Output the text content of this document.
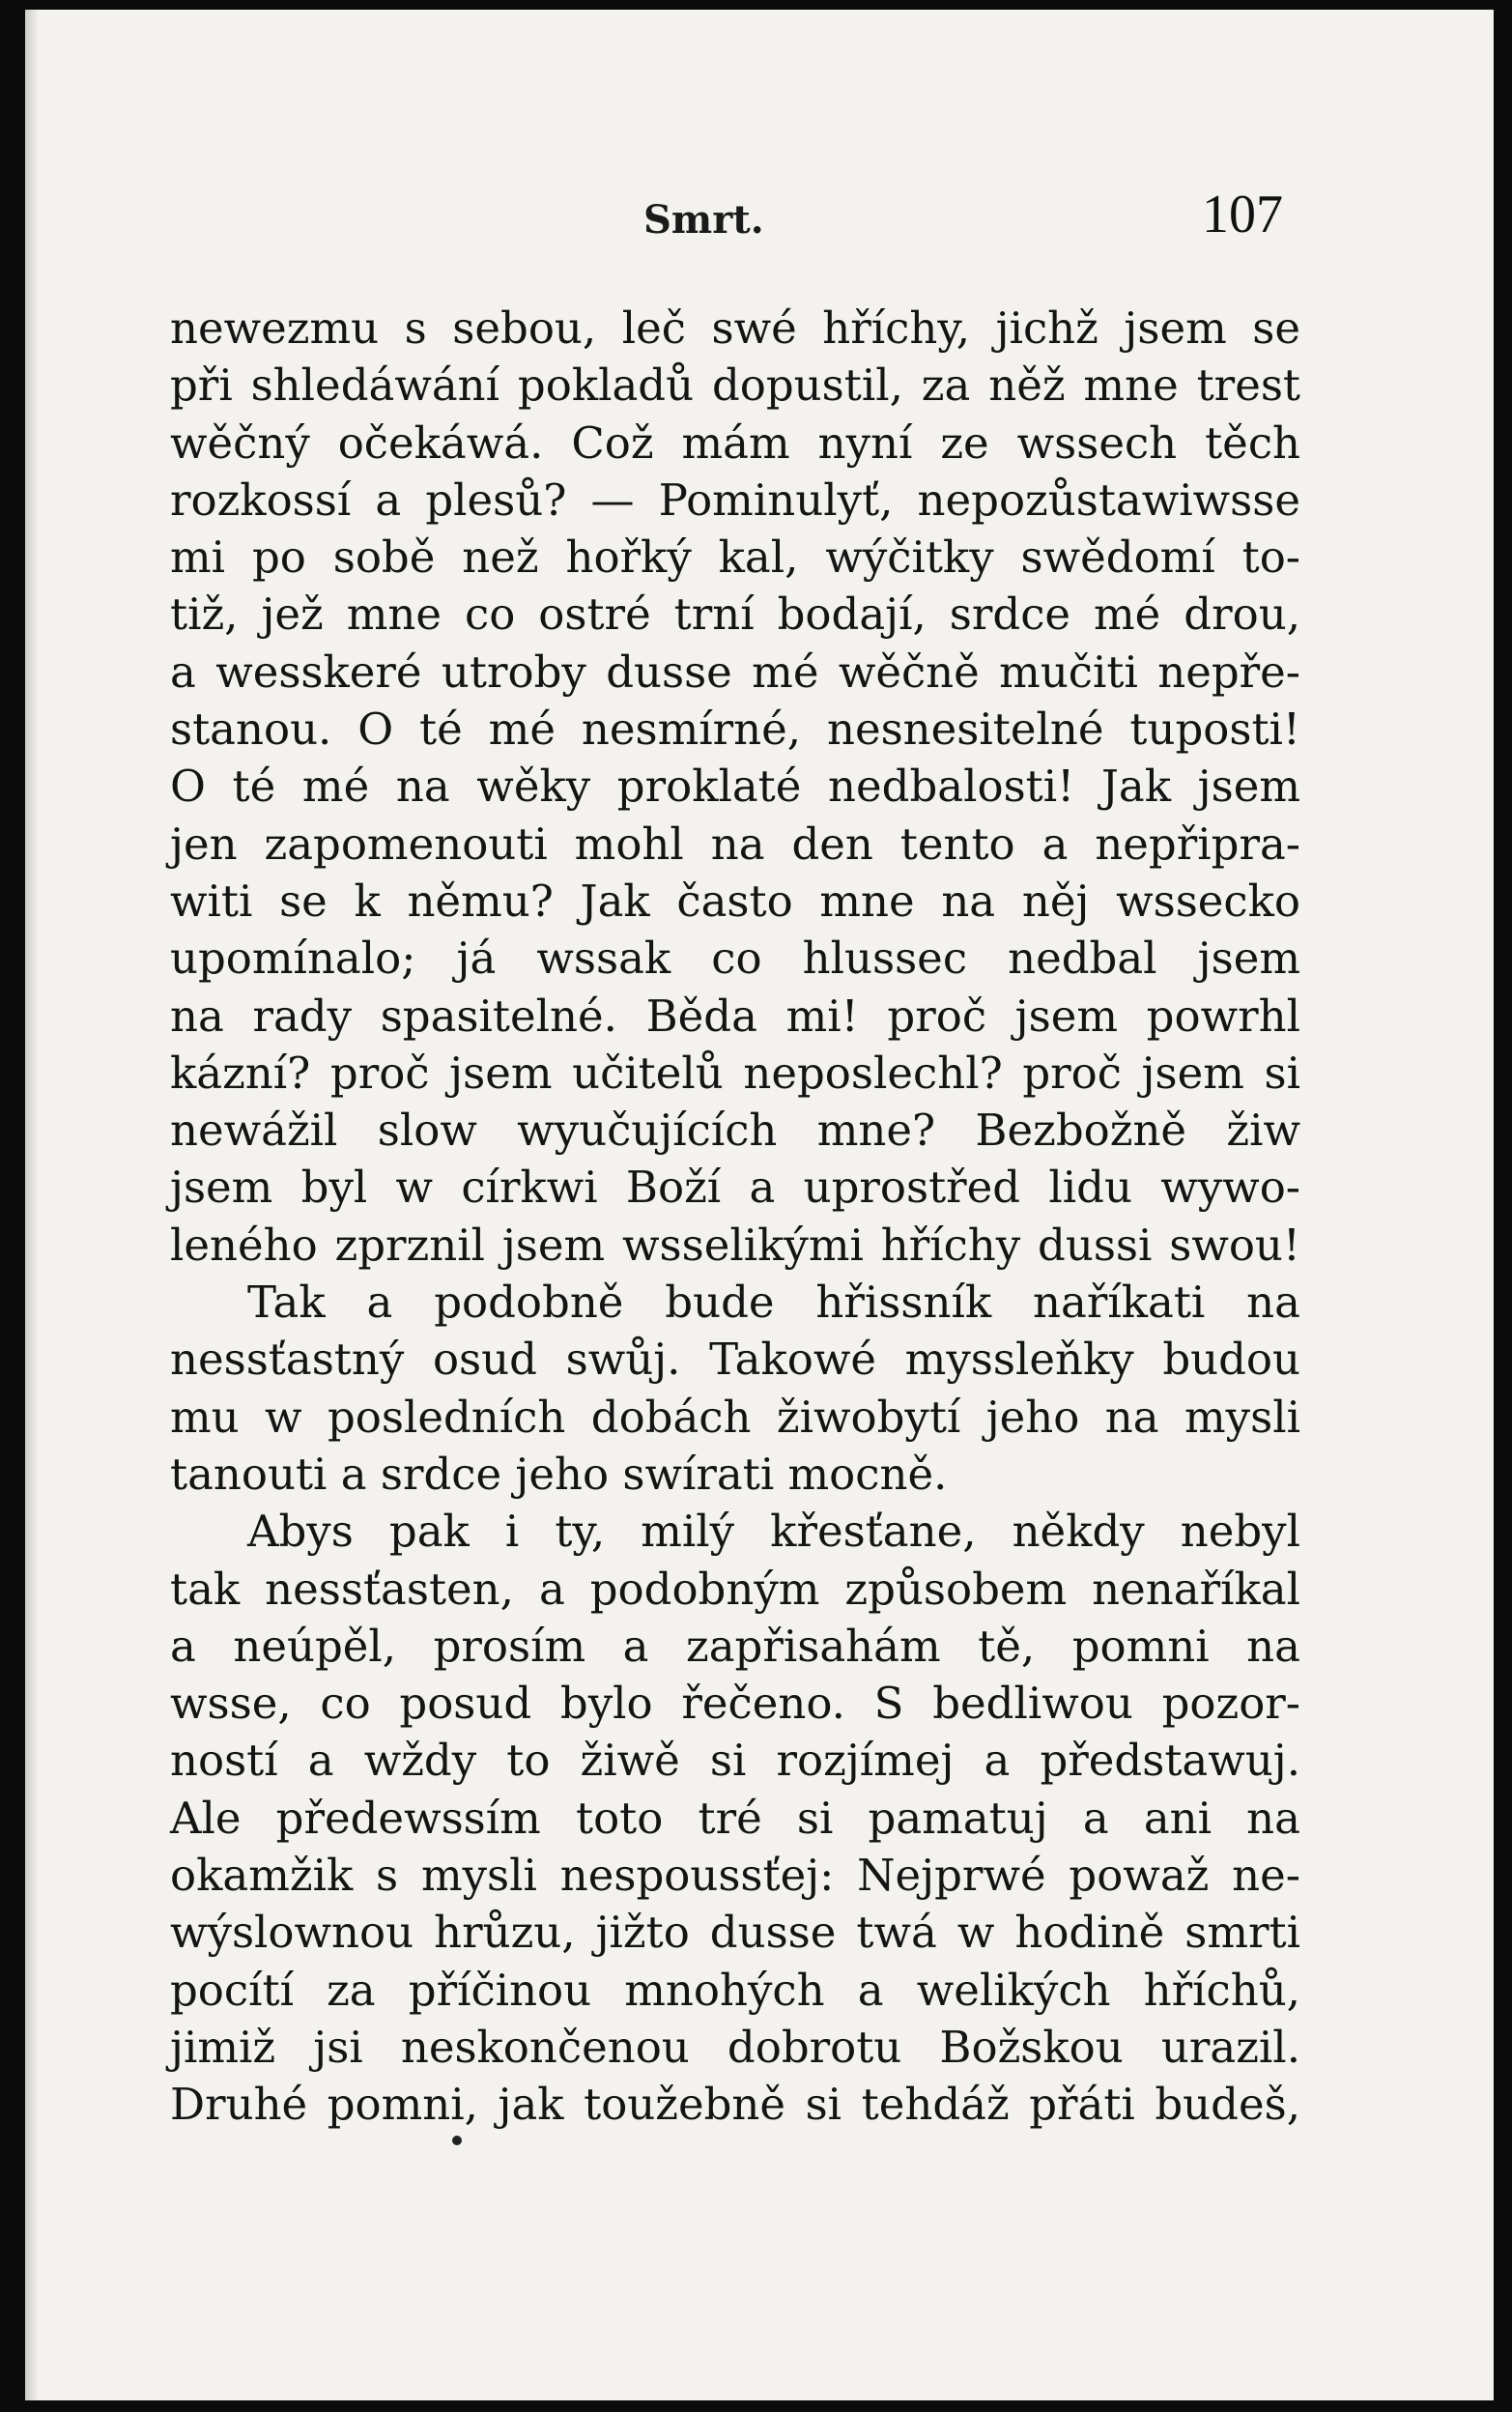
Smrt.	107
newezmu s sebou, leč swé hříchy, jichž jsem se
při shledáwání pokladů dopustil, za něž mne trest
wěčný očekáwá. Což mám nyní ze wssech těch
rozkossí a plesů? — Pominulyť, nepozůstawiwsse
mi po sobě než hořký kal, wýčitky swědomí to-
tiž, jež mne co ostré trní bodají, srdce mé drou,
a wesskeré utroby dusse mé wěčně mučiti nepře-
stanou. O té mé nesmírné, nesnesitelné tuposti!
O té mé na wěky proklaté nedbalosti! Jak jsem
jen zapomenouti mohl na den tento a nepřipra-
witi se k němu? Jak často mne na něj wssecko
upomínalo; já wssak co hlussec nedbal jsem
na rady spasitelné. Běda mi! proč jsem powrhl
kázní? proč jsem učitelů neposlechl? proč jsem si
newážil slow wyučujících mne? Bezbožně žiw
jsem byl w církwi Boží a uprostřed lidu wywo-
leného zprznil jsem wsselikými hříchy dussi swou!
Tak a podobně bude hřissník naříkati na
nessťastný osud swůj. Takowé myssleňky budou
mu w posledních dobách žiwobytí jeho na mysli
tanouti a srdce jeho swírati mocně.
Abys pak i ty, milý křesťane, někdy nebyl
tak nessťasten, a podobným způsobem nenaříkal
a neúpěl, prosím a zapřisahám tě, pomni na
wsse, co posud bylo řečeno. S bedliwou pozor-
ností a wždy to žiwě si rozjímej a předstawuj.
Ale předewssím toto tré si pamatuj a ani na
okamžik s mysli nespoussťej: Nejprwé powaž ne-
wýslownou hrůzu, jižto dusse twá w hodině smrti
pocítí za příčinou mnohých a welikých hříchů,
jimiž jsi neskončenou dobrotu Božskou urazil.
Druhé pomni, jak toužebně si tehdáž přáti budeš,
